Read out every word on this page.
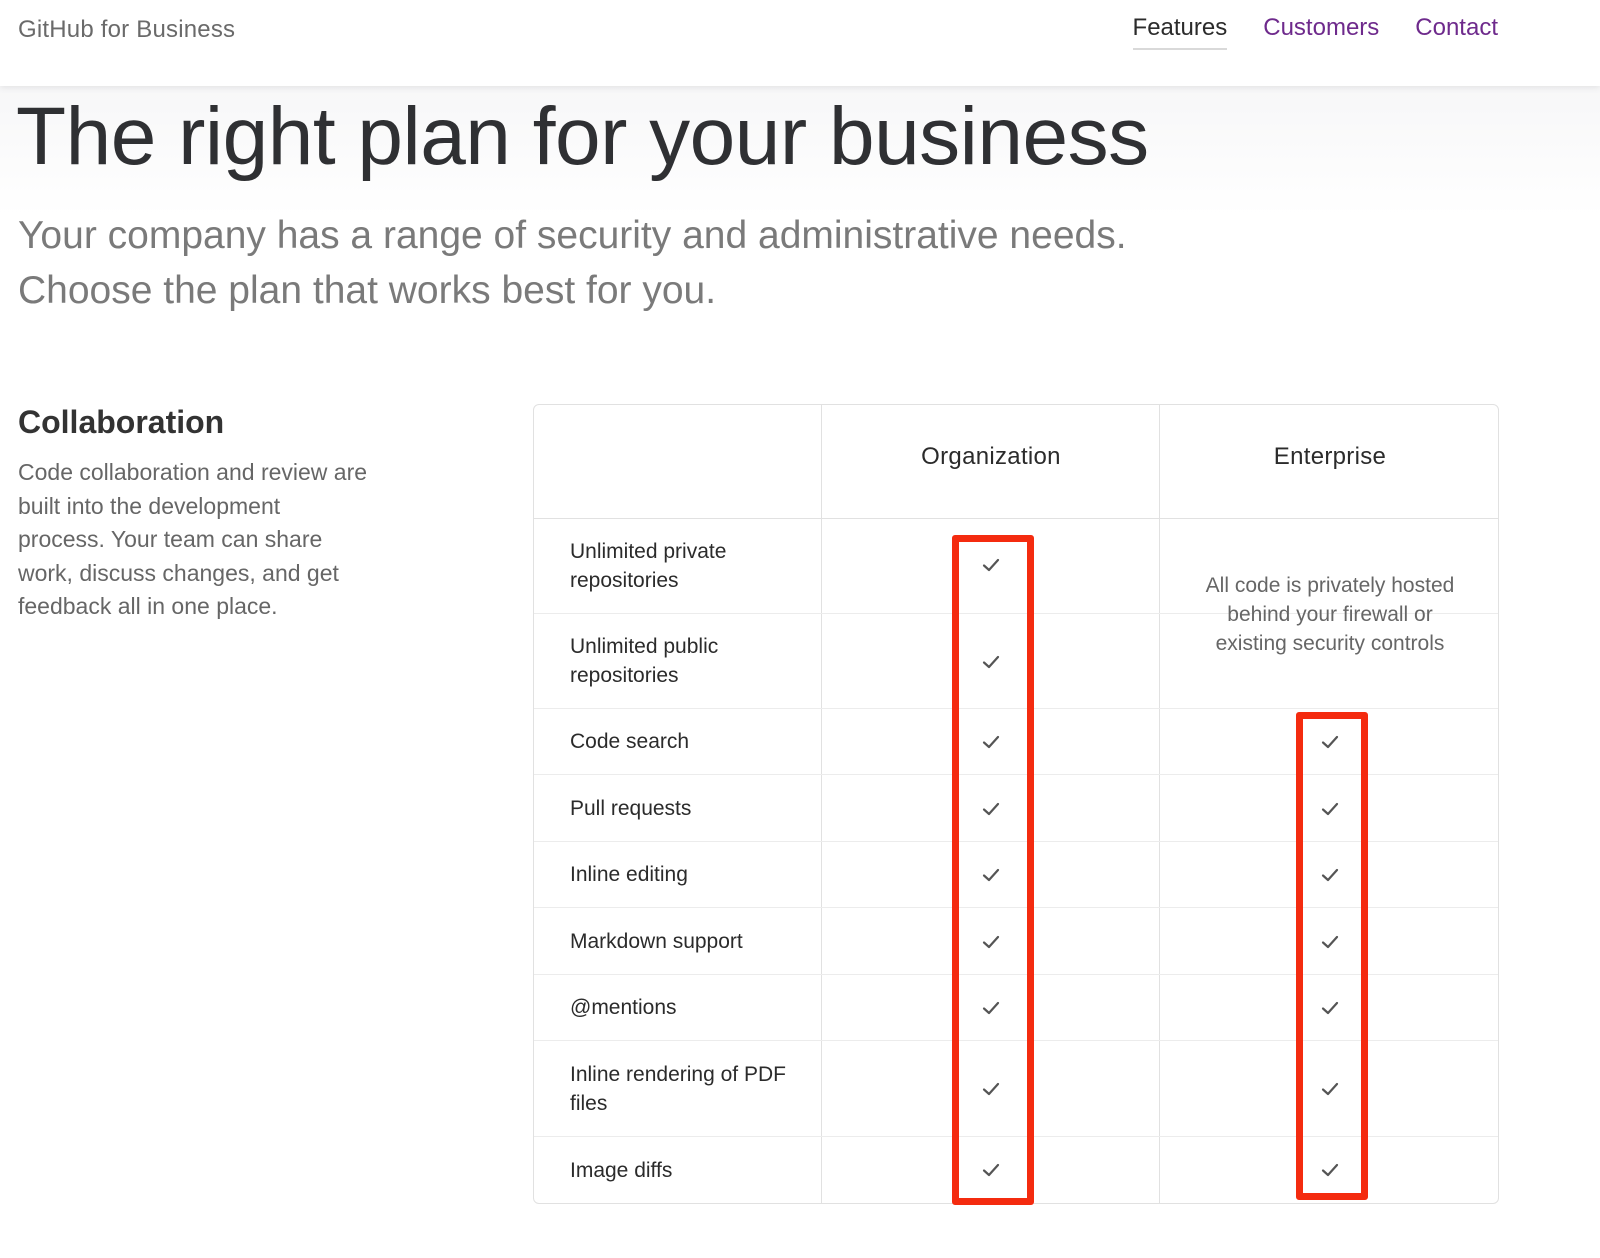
GitHub for Business	Features Customers Contact
The right plan for your business

Your company has a range of security and administrative needs. Choose the plan that works best for you.

Collaboration

Code collaboration and review are built into the development process. Your team can share work, discuss changes, and get feedback all in one place.

Organization	Enterprise
Unlimited private repositories
Unlimited public repositories
Code search
Pull requests
Inline editing
Markdown support
@mentions
Inline rendering of PDF files
Image diffs
All code is privately hosted behind your firewall or existing security controls
